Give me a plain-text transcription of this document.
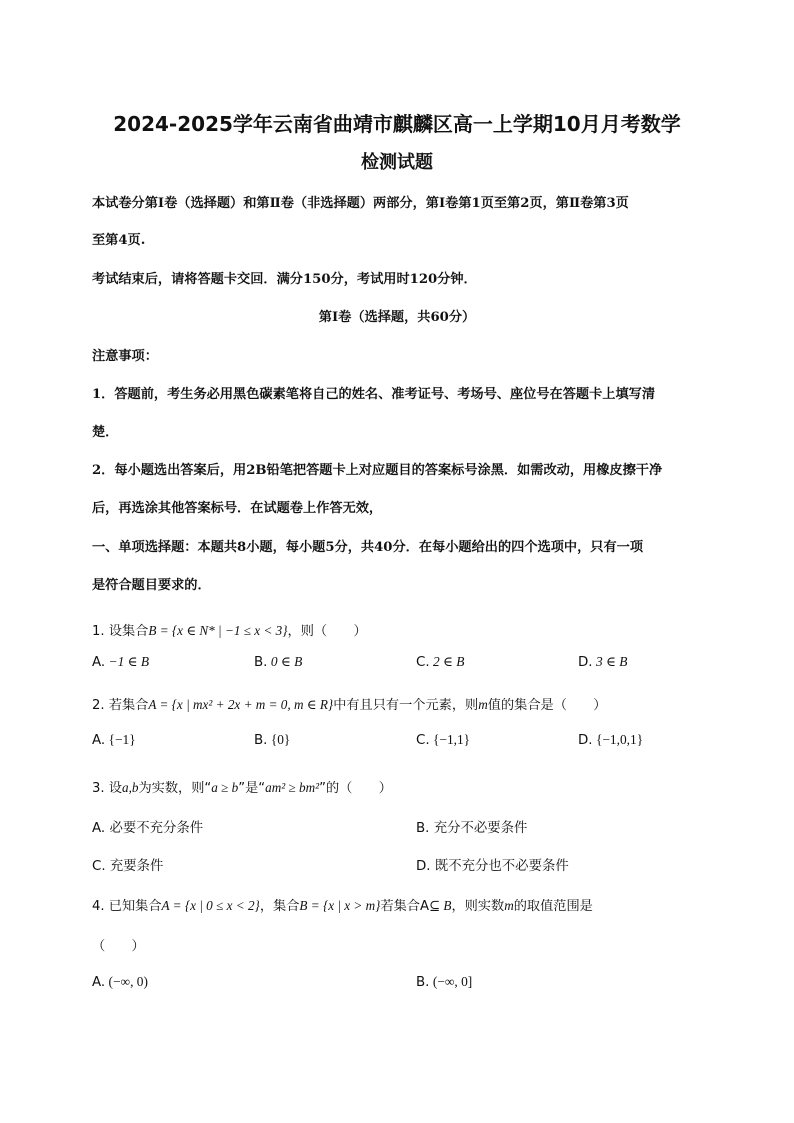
2024-2025学年云南省曲靖市麒麟区高一上学期10月月考数学
检测试题
本试卷分第Ⅰ卷（选择题）和第Ⅱ卷（非选择题）两部分，第Ⅰ卷第1页至第2页，第Ⅱ卷第3页
至第4页.
考试结束后，请将答题卡交回．满分150分，考试用时120分钟．
第Ⅰ卷（选择题，共60分）
注意事项：
1．答题前，考生务必用黑色碳素笔将自己的姓名、准考证号、考场号、座位号在答题卡上填写清
楚．
2．每小题选出答案后，用2B铅笔把答题卡上对应题目的答案标号涂黑．如需改动，用橡皮擦干净
后，再选涂其他答案标号．在试题卷上作答无效，
一、单项选择题：本题共8小题，每小题5分，共40分．在每小题给出的四个选项中，只有一项
是符合题目要求的．
1. 设集合B = {x ∈ N* | −1 ≤ x < 3}，则（　　）
A. −1 ∈ B	B. 0 ∈ B	C. 2 ∈ B	D. 3 ∈ B
2. 若集合A = {x | mx² + 2x + m = 0, m ∈ R}中有且只有一个元素，则m值的集合是（　　）
A. {−1}	B. {0}	C. {−1,1}	D. {−1,0,1}
3. 设a,b为实数，则“a ≥ b”是“am² ≥ bm²”的（　　）
A. 必要不充分条件	B. 充分不必要条件
C. 充要条件	D. 既不充分也不必要条件
4. 已知集合A = {x | 0 ≤ x < 2}，集合B = {x | x > m}若集合A⊆ B，则实数m的取值范围是
（　　）
A. (−∞, 0)	B. (−∞, 0]
